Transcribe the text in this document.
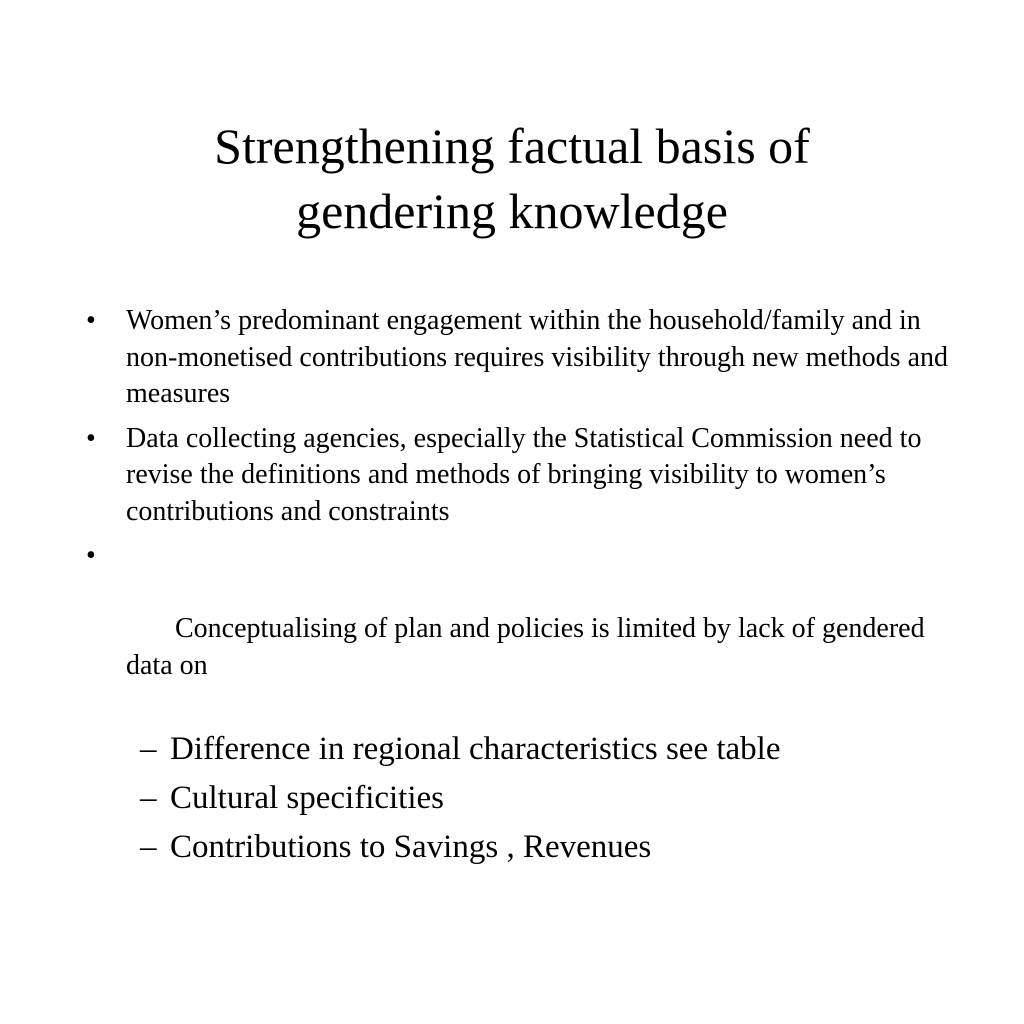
Strengthening factual basis of
gendering knowledge
• Women’s predominant engagement within the household/family and in non-monetised contributions requires visibility through new methods and measures
• Data collecting agencies, especially the Statistical Commission need to revise the definitions and methods of bringing visibility to women’s contributions and constraints

•

Conceptualising of plan and policies is limited by lack of gendered data on

– Difference in regional characteristics see table
– Cultural specificities
– Contributions to Savings , Revenues
